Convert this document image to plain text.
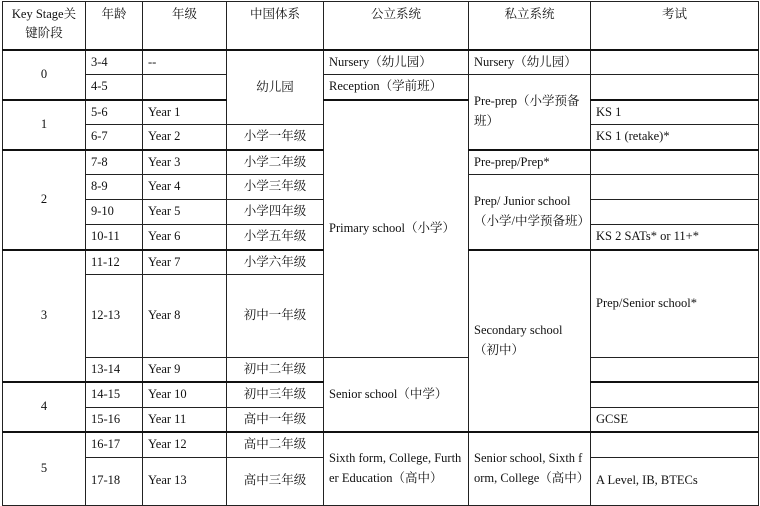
Key Stage关键阶段	年龄	年级	中国体系	公立系统	私立系统	考试	
0	3-4	--	幼儿园	Nursery（幼儿园）	Nursery（幼儿园）		
	4-5			Reception（学前班）	Pre-prep（小学预备班）		
1	5-6	Year 1		Primary school（小学）		KS 1	
	6-7	Year 2	小学一年级			KS 1 (retake)*	
2	7-8	Year 3	小学二年级		Pre-prep/Prep*		
	8-9	Year 4	小学三年级		Prep/ Junior school（小学/中学预备班）		
	9-10	Year 5	小学四年级				
	10-11	Year 6	小学五年级			KS 2 SATs* or 11+*	
3	11-12	Year 7	小学六年级		Secondary school（初中）	Prep/Senior school*	
	12-13	Year 8	初中一年级	
	13-14	Year 9	初中二年级	Senior school（中学）			
4	14-15	Year 10	初中三年级				
	15-16	Year 11	高中一年级			GCSE	
5	16-17	Year 12	高中二年级	Sixth form, College, Further Education（高中）	Senior school, Sixth form, College（高中）		
	17-18	Year 13	高中三年级			A Level, IB, BTECs	
